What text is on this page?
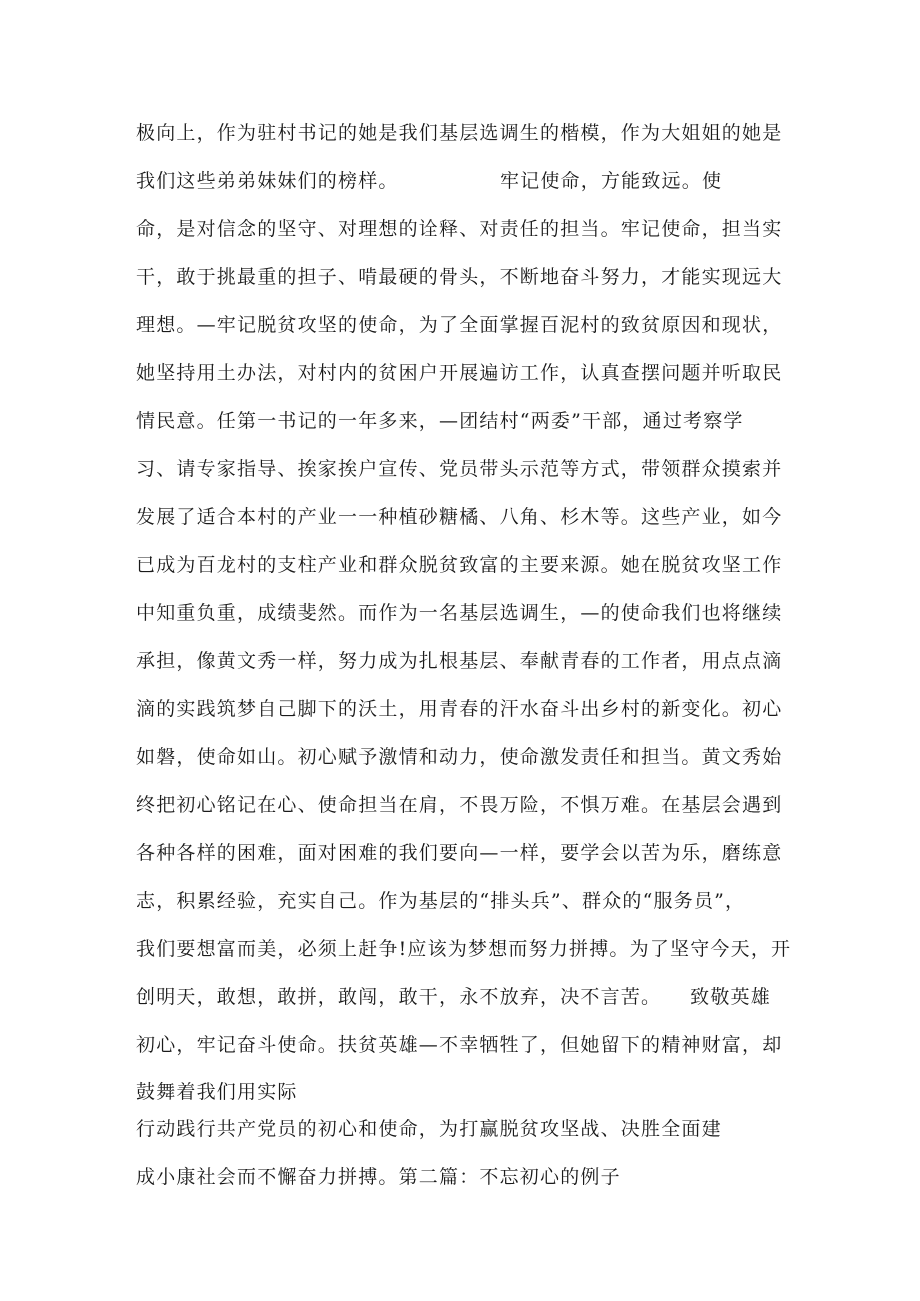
极向上，作为驻村书记的她是我们基层选调生的楷模，作为大姐姐的她是
我们这些弟弟妹妹们的榜样。              牢记使命，方能致远。使
命，是对信念的坚守、对理想的诠释、对责任的担当。牢记使命，担当实
干，敢于挑最重的担子、啃最硬的骨头，不断地奋斗努力，才能实现远大
理想。—牢记脱贫攻坚的使命，为了全面掌握百泥村的致贫原因和现状，
她坚持用土办法，对村内的贫困户开展遍访工作，认真查摆问题并听取民
情民意。任第一书记的一年多来，—团结村“两委”干部，通过考察学
习、请专家指导、挨家挨户宣传、党员带头示范等方式，带领群众摸索并
发展了适合本村的产业一一种植砂糖橘、八角、杉木等。这些产业，如今
已成为百龙村的支柱产业和群众脱贫致富的主要来源。她在脱贫攻坚工作
中知重负重，成绩斐然。而作为一名基层选调生，—的使命我们也将继续
承担，像黄文秀一样，努力成为扎根基层、奉献青春的工作者，用点点滴
滴的实践筑梦自己脚下的沃土，用青春的汗水奋斗出乡村的新变化。初心
如磐，使命如山。初心赋予激情和动力，使命激发责任和担当。黄文秀始
终把初心铭记在心、使命担当在肩，不畏万险，不惧万难。在基层会遇到
各种各样的困难，面对困难的我们要向—一样，要学会以苦为乐，磨练意
志，积累经验，充实自己。作为基层的“排头兵”、群众的“服务员”，
我们要想富而美，必须上赶争!应该为梦想而努力拼搏。为了坚守今天，开
创明天，敢想，敢拼，敢闯，敢干，永不放弃，决不言苦。    致敬英雄
初心，牢记奋斗使命。扶贫英雄—不幸牺牲了，但她留下的精神财富，却
鼓舞着我们用实际
行动践行共产党员的初心和使命，为打赢脱贫攻坚战、决胜全面建
成小康社会而不懈奋力拼搏。第二篇：不忘初心的例子
